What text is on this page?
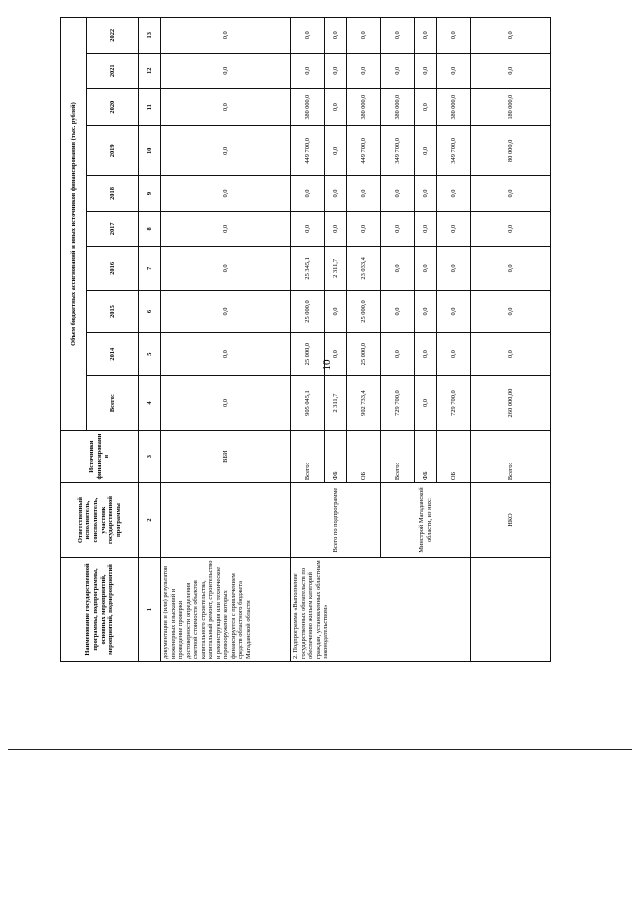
10
Наименование государственной программы, подпрограммы, основных мероприятий, мероприятий, подмероприятий	Ответственный исполнитель, соисполнитель, участник государственной программы	Источники финансирования	Объем бюджетных ассигнований и иных источников финансирования (тыс. рублей)									
			Всего:	2014	2015	2016	2017	2018	2019	2020	2021	2022
1	2	3	4	5	6	7	8	9	10	11	12	13
документации и (или) результатов инженерных изысканий и проведение проверки достоверности определения сметной стоимости объектов капитального строительства, капитальный ремонт, строительство и реконструкция или техническое перевооружение которых финансируется с привлечением средств областного бюджета Магаданской области		ВБИ	0,0	0,0	0,0	0,0	0,0	0,0	0,0	0,0	0,0	0,0
2. Подпрограмма «Выполнение государственных обязательств по обеспечению жильем категорий граждан, установленных областным законодательством»	Всего по подпрограмме	Всего:	905 045,1	25 000,0	25 000,0	25 345,1	0,0	0,0	449 700,0	380 000,0	0,0	0,0
		ФБ	2 311,7	0,0	0,0	2 311,7	0,0	0,0	0,0	0,0	0,0	0,0
		ОБ	902 733,4	25 000,0	25 000,0	23 033,4	0,0	0,0	449 700,0	380 000,0	0,0	0,0
	Минстрой Магаданской области, из них:	Всего:	729 700,0	0,0	0,0	0,0	0,0	0,0	349 700,0	380 000,0	0,0	0,0
		ФБ	0,0	0,0	0,0	0,0	0,0	0,0	0,0	0,0	0,0	0,0
		ОБ	729 700,0	0,0	0,0	0,0	0,0	0,0	349 700,0	380 000,0	0,0	0,0
	НКО	Всего:	260 000,00	0,0	0,0	0,0	0,0	0,0	80 000,0	180 000,0	0,0	0,0
